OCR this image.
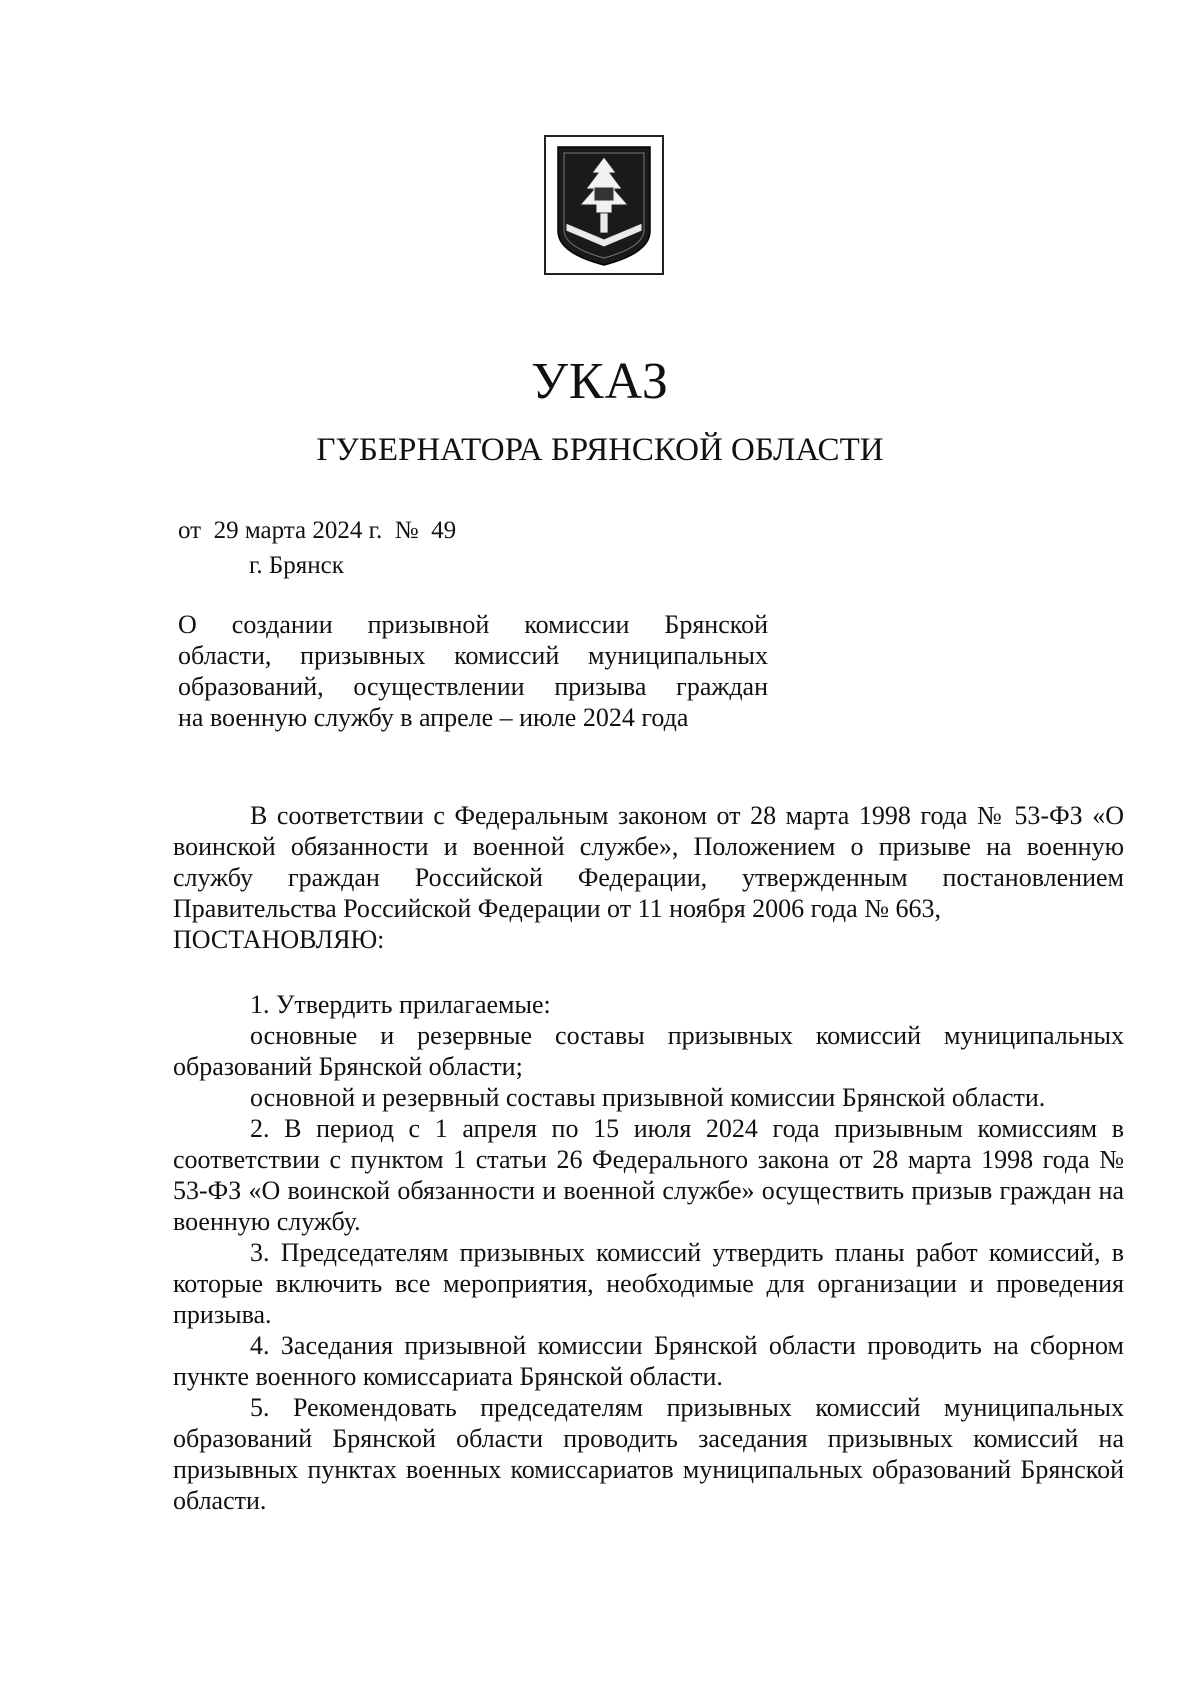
УКАЗ
ГУБЕРНАТОРА БРЯНСКОЙ ОБЛАСТИ
от  29 марта 2024 г.  №  49
г. Брянск
О создании призывной комиссии Брянской
области, призывных комиссий муниципальных
образований, осуществлении призыва граждан
на военную службу в апреле – июле 2024 года

В соответствии с Федеральным законом от 28 марта 1998 года № 53-ФЗ «О воинской обязанности и военной службе», Положением о призыве на военную службу граждан Российской Федерации, утвержденным постановлением Правительства Российской Федерации от 11 ноября 2006 года № 663,

ПОСТАНОВЛЯЮ:

1. Утвердить прилагаемые:

основные и резервные составы призывных комиссий муниципальных образований Брянской области;

основной и резервный составы призывной комиссии Брянской области.

2. В период с 1 апреля по 15 июля 2024 года призывным комиссиям в соответствии с пунктом 1 статьи 26 Федерального закона от 28 марта 1998 года № 53-ФЗ «О воинской обязанности и военной службе» осуществить призыв граждан на военную службу.

3. Председателям призывных комиссий утвердить планы работ комиссий, в которые включить все мероприятия, необходимые для организации и проведения призыва.

4. Заседания призывной комиссии Брянской области проводить на сборном пункте военного комиссариата Брянской области.

5. Рекомендовать председателям призывных комиссий муниципальных образований Брянской области проводить заседания призывных комиссий на призывных пунктах военных комиссариатов муниципальных образований Брянской области.
